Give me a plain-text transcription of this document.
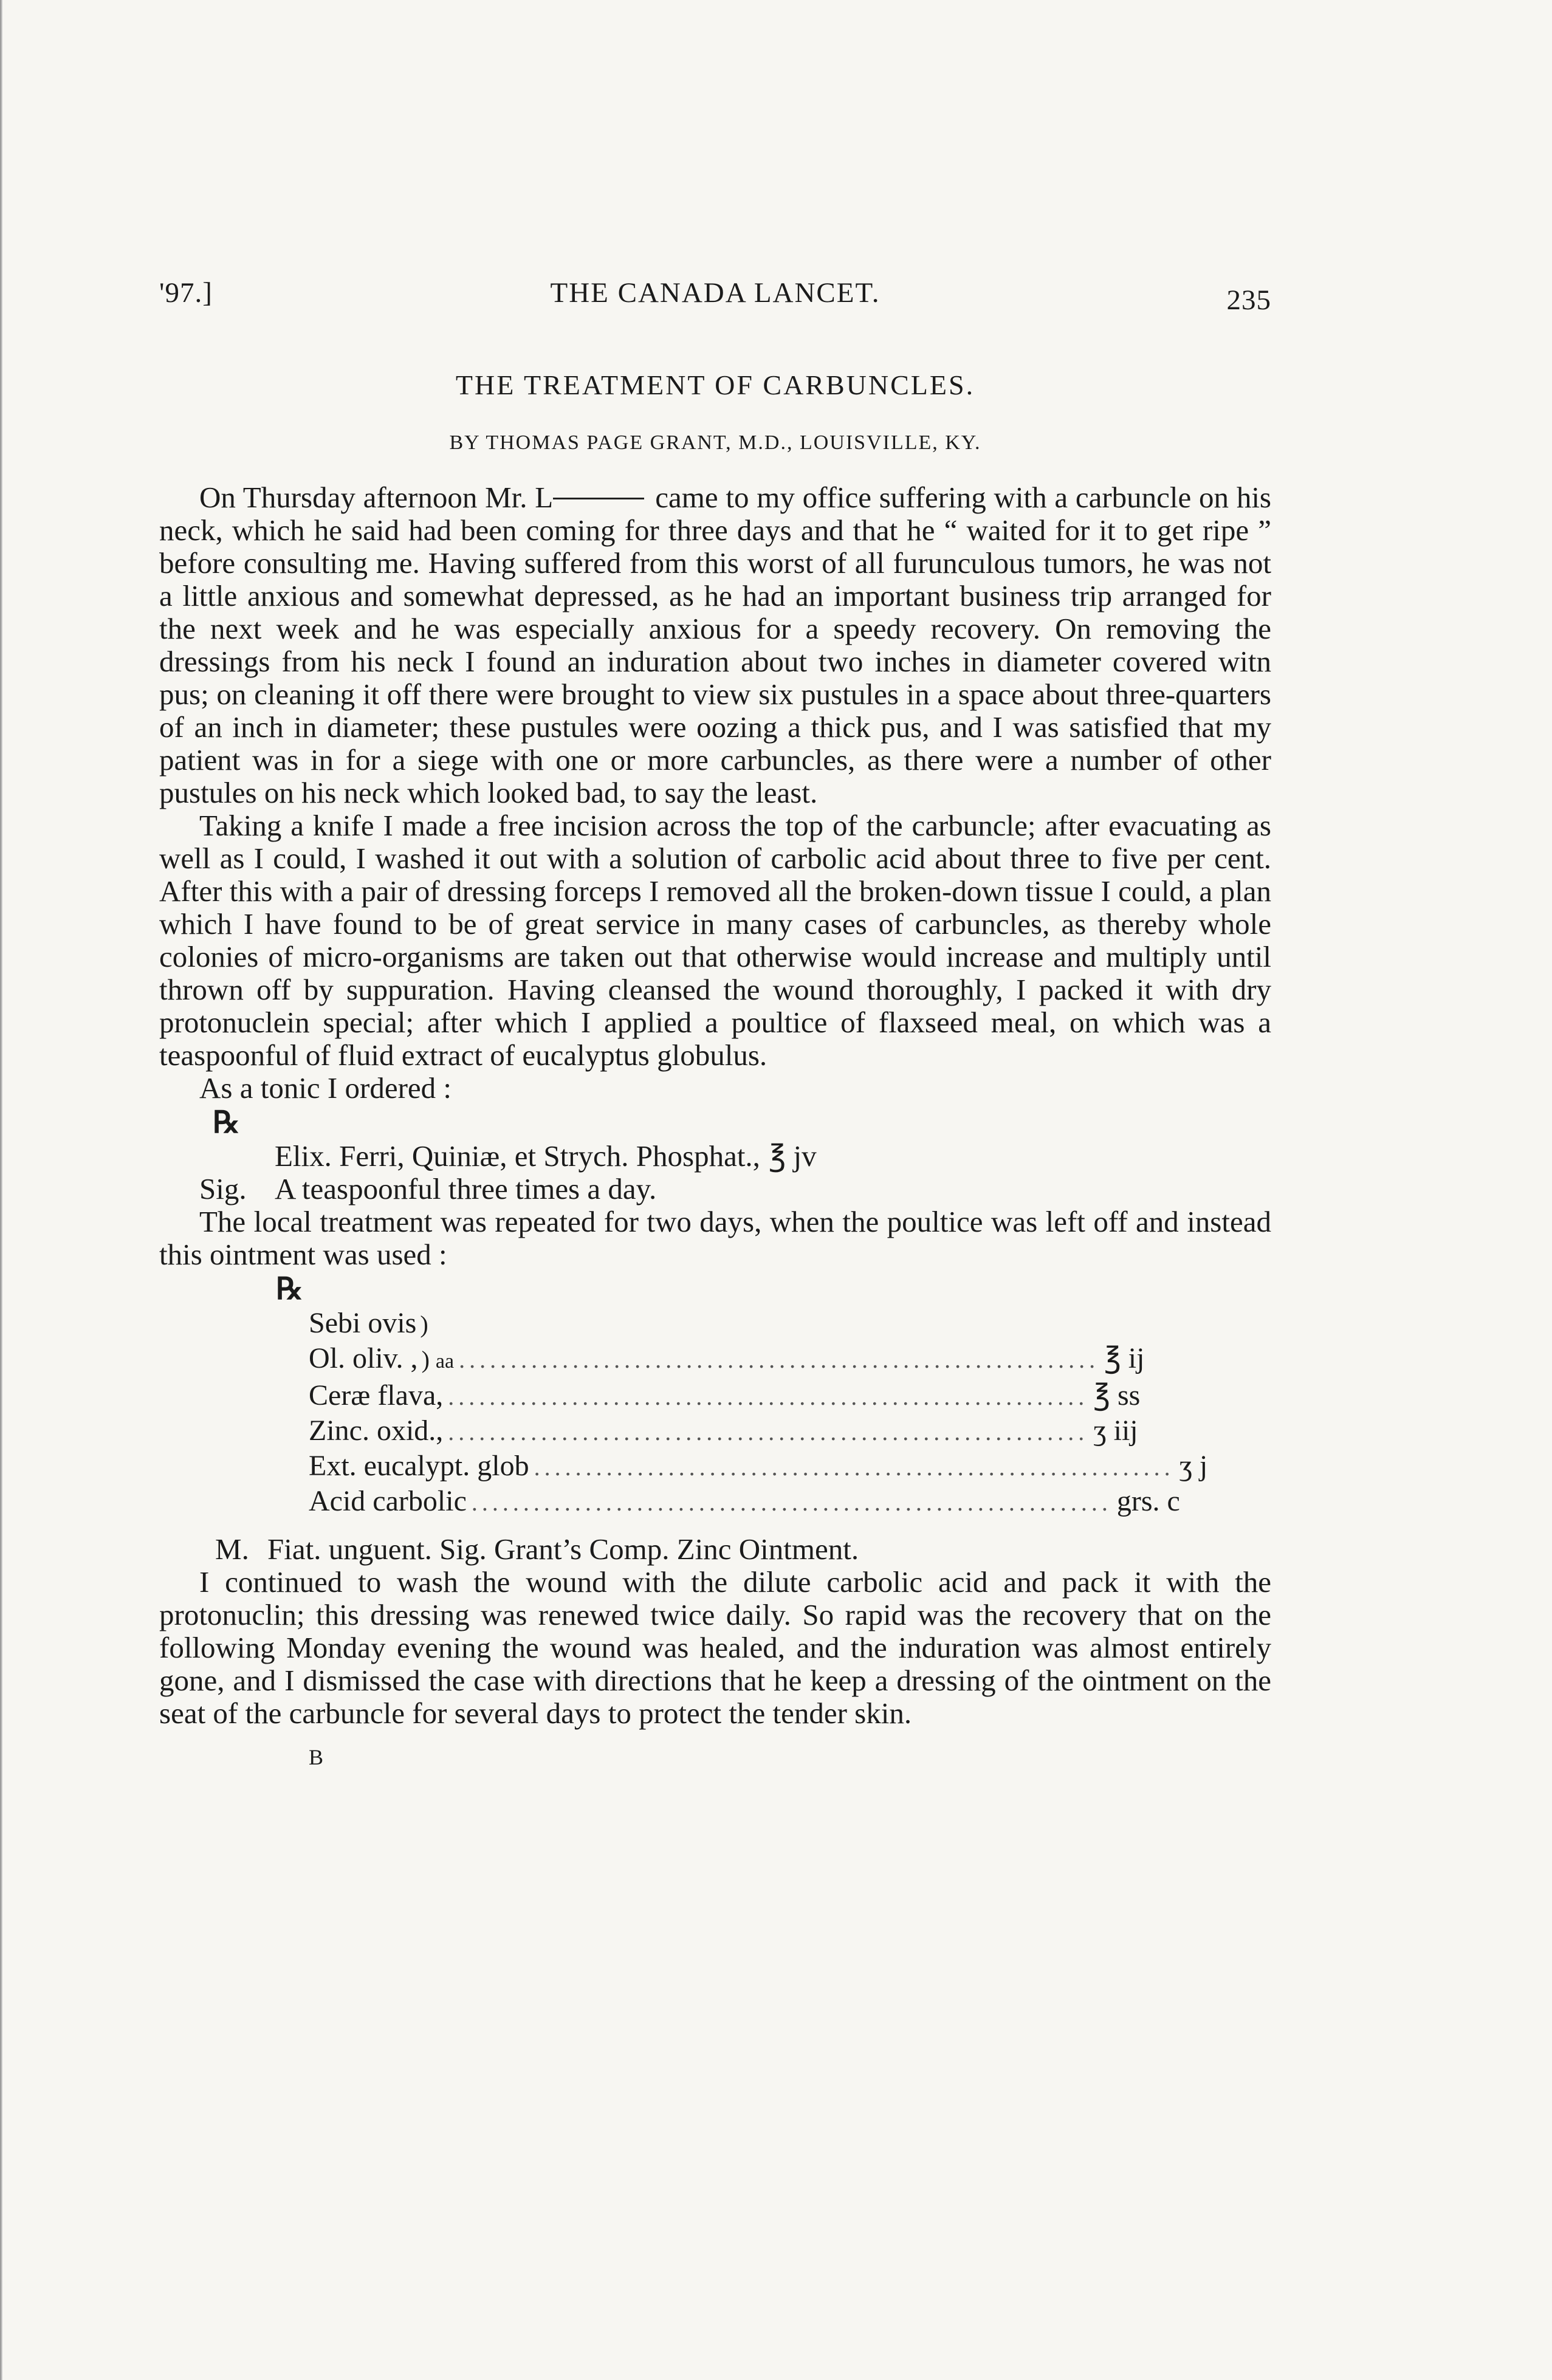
'97.]	THE CANADA LANCET.	235
THE TREATMENT OF CARBUNCLES.
BY THOMAS PAGE GRANT, M.D., LOUISVILLE, KY.

On Thursday afternoon Mr. L	came to my office suffering with a carbuncle on his neck, which he said had been coming for three days and that he “ waited for it to get ripe ” before consulting me. Having suffered from this worst of all furunculous tumors, he was not a little anxious and somewhat depressed, as he had an important business trip arranged for the next week and he was especially anxious for a speedy recovery. On removing the dressings from his neck I found an induration about two inches in diameter covered witn pus; on cleaning it off there were brought to view six pustules in a space about three-quarters of an inch in diameter; these pustules were oozing a thick pus, and I was satisfied that my patient was in for a siege with one or more carbuncles, as there were a number of other pustules on his neck which looked bad, to say the least.

Taking a knife I made a free incision across the top of the carbuncle; after evacuating as well as I could, I washed it out with a solution of carbolic acid about three to five per cent. After this with a pair of dressing forceps I removed all the broken-down tissue I could, a plan which I have found to be of great service in many cases of carbuncles, as thereby whole colonies of micro-organisms are taken out that otherwise would increase and multiply until thrown off by suppuration. Having cleansed the wound thoroughly, I packed it with dry protonuclein special; after which I applied a poultice of flaxseed meal, on which was a teaspoonful of fluid extract of eucalyptus globulus.

As a tonic I ordered :

℞
Elix. Ferri, Quiniæ, et Strych. Phosphat., ℥ jv
Sig. A teaspoonful three times a day.

The local treatment was repeated for two days, when the poultice was left off and instead this ointment was used :

℞
Sebi ovis )
Ol. oliv. , ) aa .............................................................. ℥ ij
Ceræ flava, .............................................................. ℥ ss
Zinc. oxid., .............................................................. ʒ iij
Ext. eucalypt. glob .............................................................. ʒ j
Acid carbolic .............................................................. grs. c
M. Fiat. unguent. Sig. Grant’s Comp. Zinc Ointment.

I continued to wash the wound with the dilute carbolic acid and pack it with the protonuclin; this dressing was renewed twice daily. So rapid was the recovery that on the following Monday evening the wound was healed, and the induration was almost entirely gone, and I dismissed the case with directions that he keep a dressing of the ointment on the seat of the carbuncle for several days to protect the tender skin.

B
